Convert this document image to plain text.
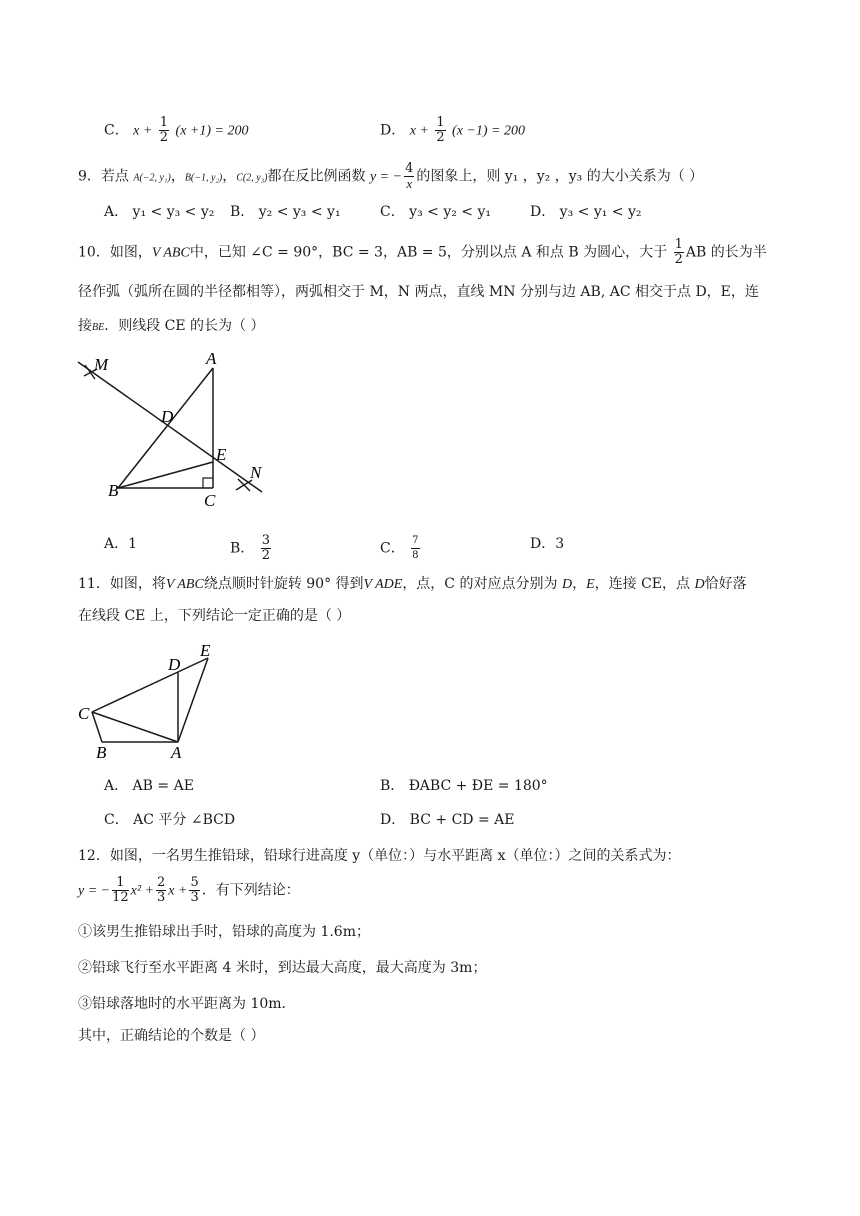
C． $x + \frac{1}{2} (x +1) = 200$	D． $x + \frac{1}{2} (x -1) = 200$
9．若点 A(−2, y₁)，B(−1, y₂)，C(2, y₃)都在反比例函数 y = − $\frac{4}{x}$ 的图象上，则 y₁ ，y₂ ，y₃ 的大小关系为（ ）
A． y₁ < y₃ < y₂ B． y₂ < y₃ < y₁	C． y₃ < y₂ < y₁	D． y₃ < y₁ < y₂
10．如图，V ABC中，已知 ∠C = 90°，BC = 3，AB = 5，分别以点 A 和点 B 为圆心，大于 $\frac{1}{2}$ AB 的长为半
径作弧（弧所在圆的半径都相等），两弧相交于 M，N 两点，直线 MN 分别与边 AB, AC 相交于点 D，E，连
接BE．则线段 CE 的长为（ ）
M	A
D
E
N
B
C
A．1	B． $\frac{3}{2}$	C． $\frac{7}{8}$	D．3
11．如图，将V ABC绕点顺时针旋转 90° 得到V ADE，点，C 的对应点分别为 D，E，连接 CE，点 D恰好落
在线段 CE 上，下列结论一定正确的是（ ）
D
E
C
B	A
A． AB = AE	B． ÐABC + ÐE = 180°
C． AC 平分 ∠BCD	D． BC + CD = AE
12．如图，一名男生推铅球，铅球行进高度 y（单位：）与水平距离 x（单位：）之间的关系式为：
y = − $\frac{1}{12} x^2 + \frac{2}{3}$ $x + \frac{5}{3}$ ．有下列结论：
①该男生推铅球出手时，铅球的高度为 1.6m；
②铅球飞行至水平距离 4 米时，到达最大高度，最大高度为 3m；
③铅球落地时的水平距离为 10m．
其中，正确结论的个数是（ ）
